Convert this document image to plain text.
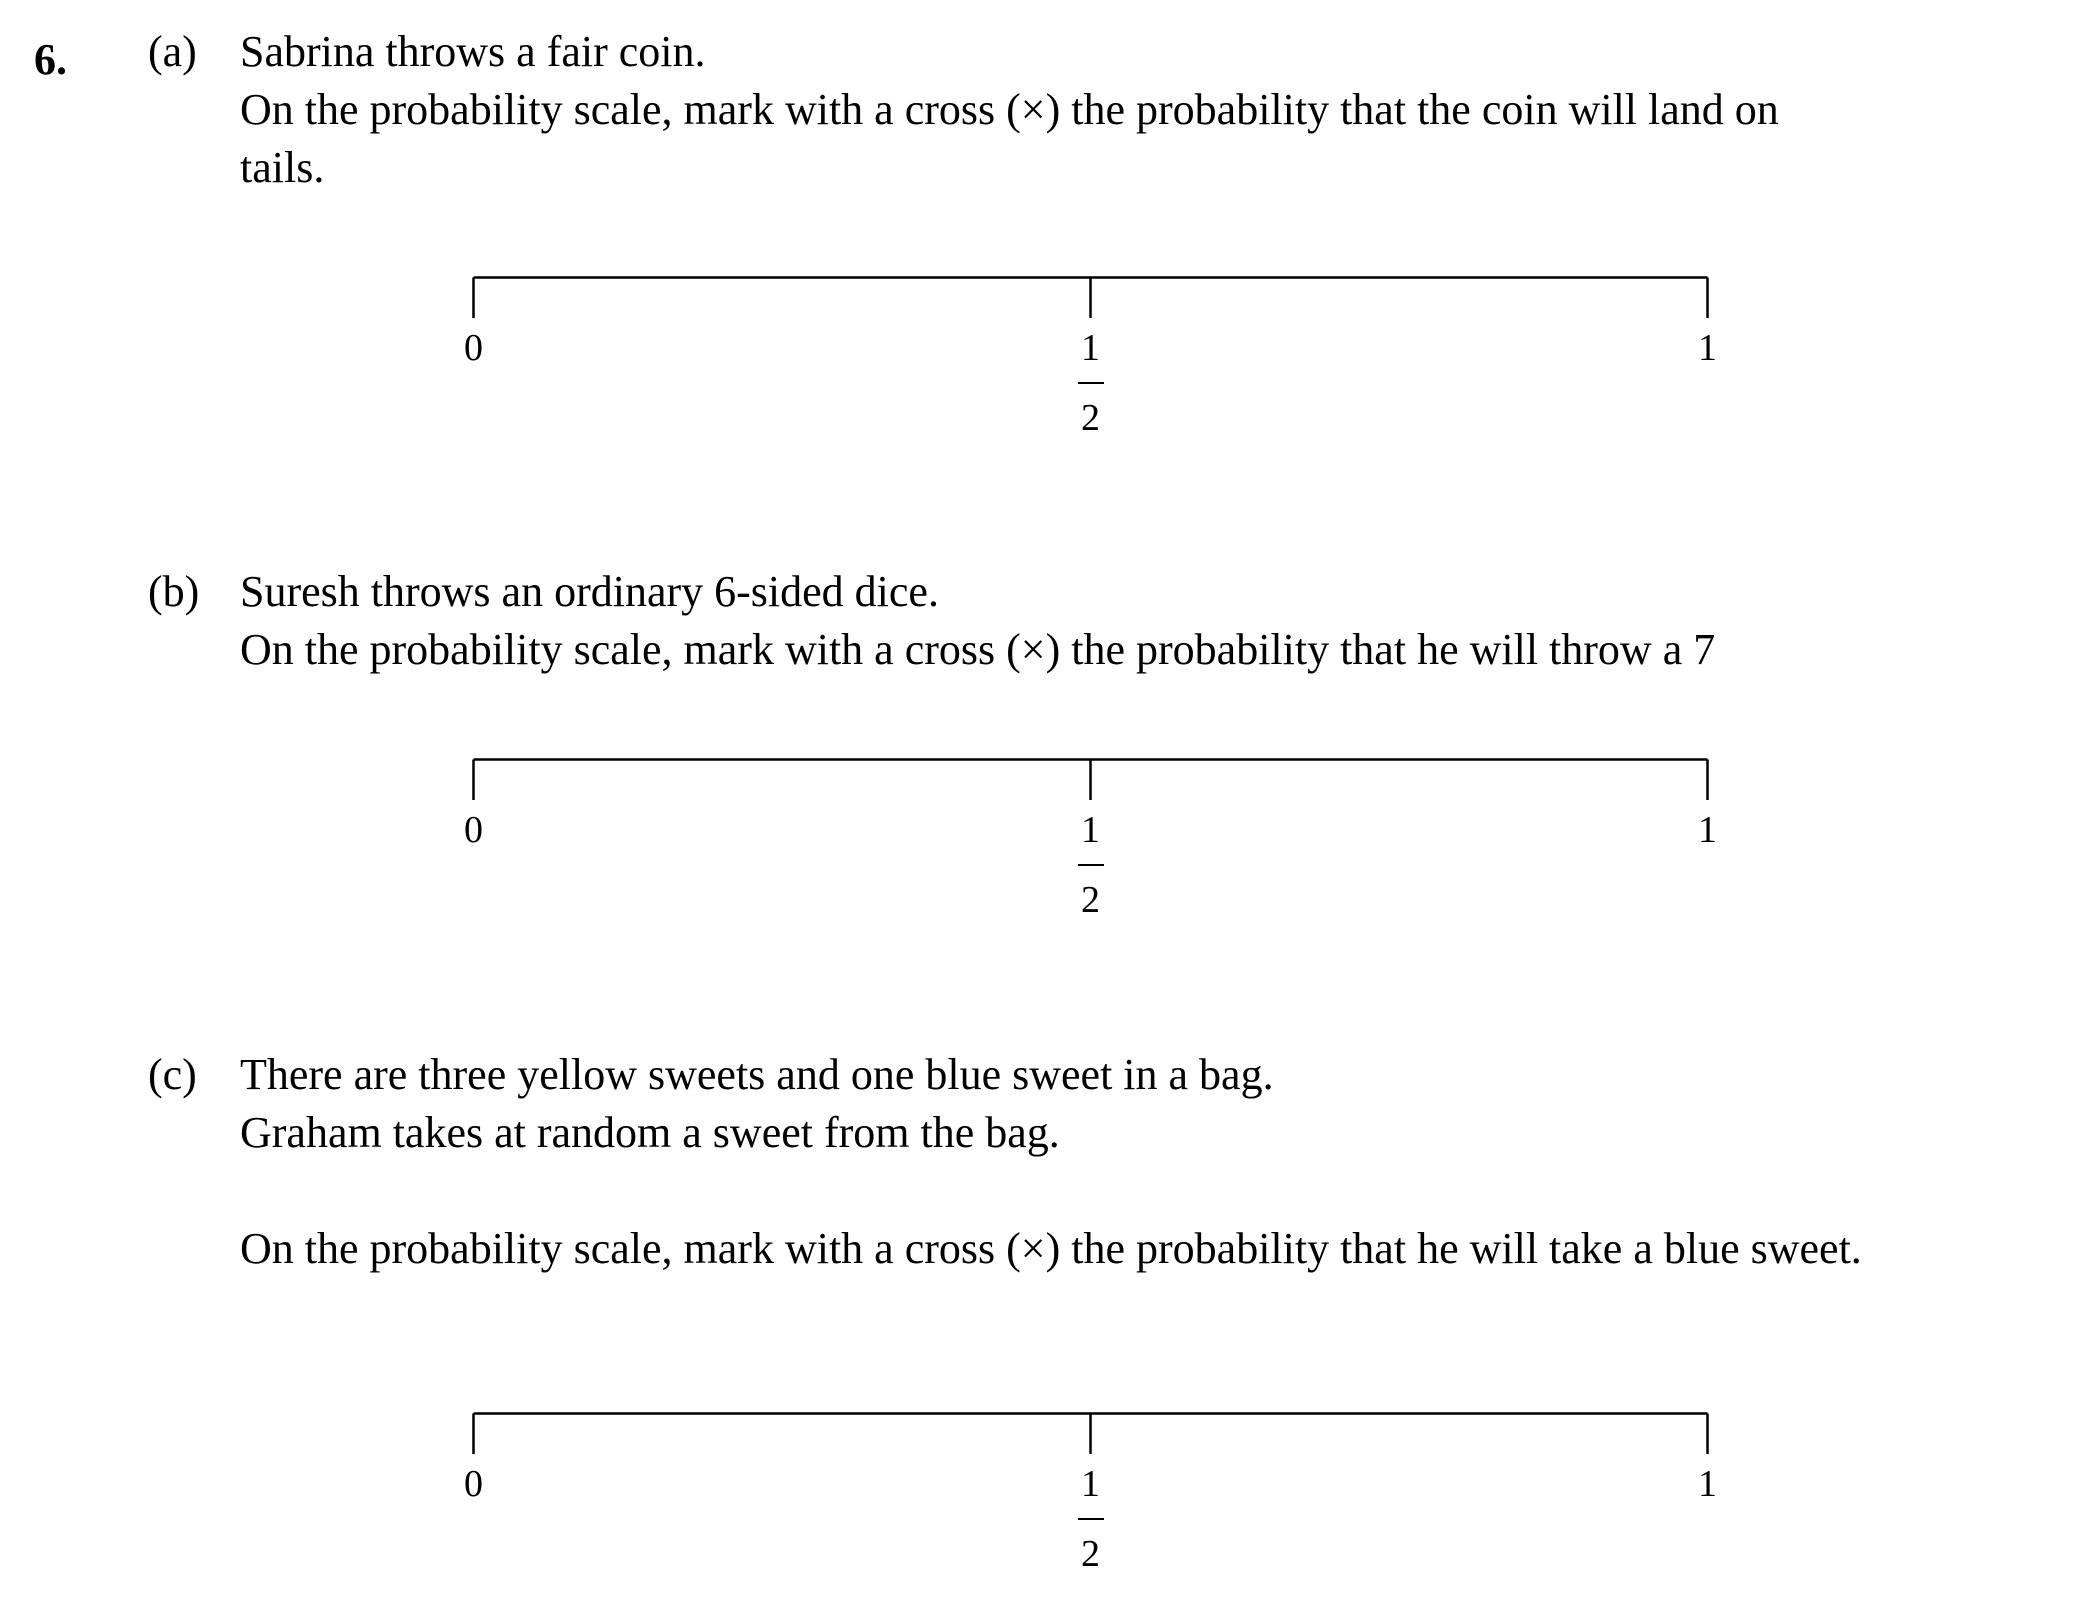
6. (a) Sabrina throws a fair coin.
On the probability scale, mark with a cross (×) the probability that the coin will land on
tails.
(b) Suresh throws an ordinary 6-sided dice.
On the probability scale, mark with a cross (×) the probability that he will throw a 7
(c) There are three yellow sweets and one blue sweet in a bag.
Graham takes at random a sweet from the bag.
On the probability scale, mark with a cross (×) the probability that he will take a blue sweet.
0	1
2
1
0	1
2
1
0	1
2
1
